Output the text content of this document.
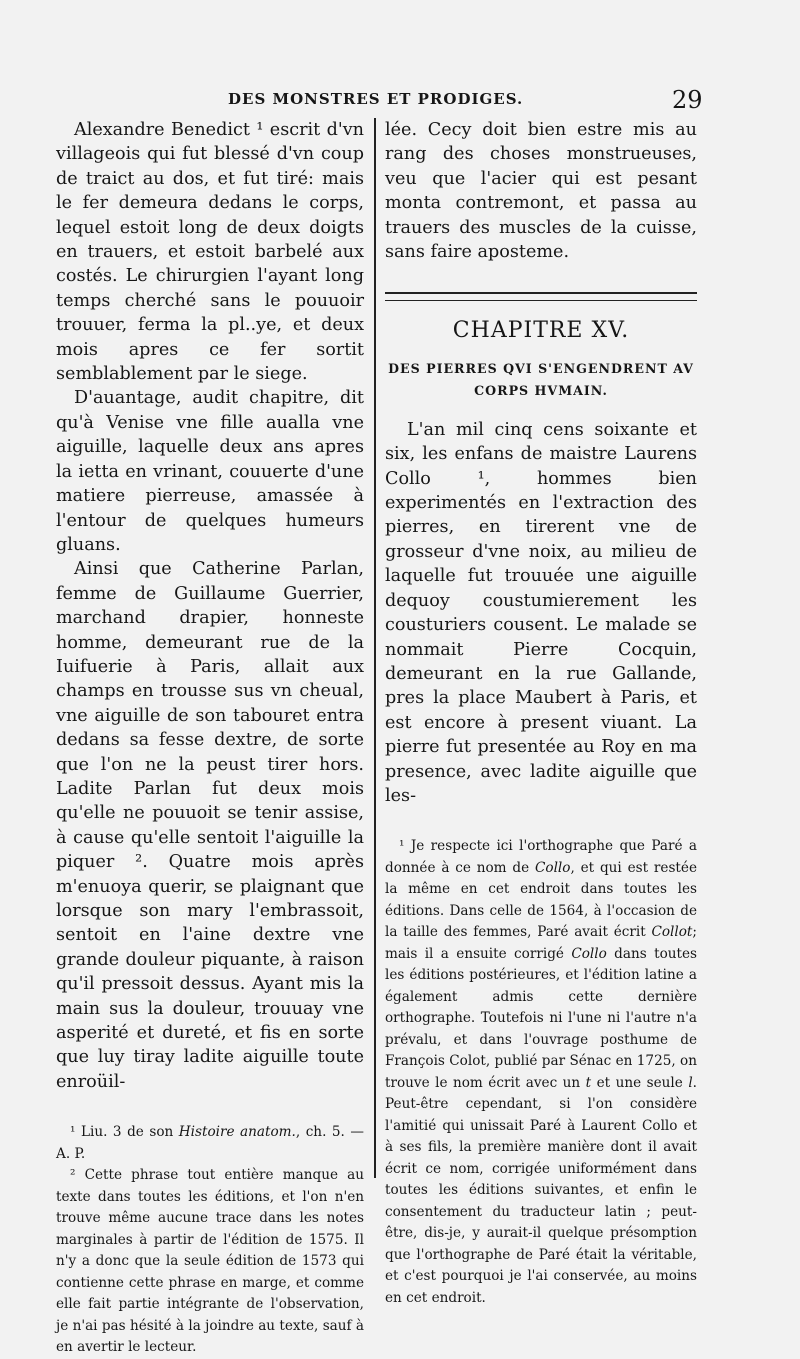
DES MONSTRES ET PRODIGES.	29

Alexandre Benedict ¹ escrit d'vn villageois qui fut blessé d'vn coup de traict au dos, et fut tiré: mais le fer demeura dedans le corps, lequel estoit long de deux doigts en trauers, et estoit barbelé aux costés. Le chirurgien l'ayant long temps cherché sans le pouuoir trouuer, ferma la pl..ye, et deux mois apres ce fer sortit semblablement par le siege.

D'auantage, audit chapitre, dit qu'à Venise vne fille aualla vne aiguille, laquelle deux ans apres la ietta en vrinant, couuerte d'une matiere pierreuse, amassée à l'entour de quelques humeurs gluans.

Ainsi que Catherine Parlan, femme de Guillaume Guerrier, marchand drapier, honneste homme, demeurant rue de la Iuifuerie à Paris, allait aux champs en trousse sus vn cheual, vne aiguille de son tabouret entra dedans sa fesse dextre, de sorte que l'on ne la peust tirer hors. Ladite Parlan fut deux mois qu'elle ne pouuoit se tenir assise, à cause qu'elle sentoit l'aiguille la piquer ². Quatre mois après m'enuoya querir, se plaignant que lorsque son mary l'embrassoit, sentoit en l'aine dextre vne grande douleur piquante, à raison qu'il pressoit dessus. Ayant mis la main sus la douleur, trouuay vne asperité et dureté, et fis en sorte que luy tiray ladite aiguille toute enroüil-

¹ Liu. 3 de son Histoire anatom., ch. 5. — A. P.

² Cette phrase tout entière manque au texte dans toutes les éditions, et l'on n'en trouve même aucune trace dans les notes marginales à partir de l'édition de 1575. Il n'y a donc que la seule édition de 1573 qui contienne cette phrase en marge, et comme elle fait partie intégrante de l'observation, je n'ai pas hésité à la joindre au texte, sauf à en avertir le lecteur.

lée. Cecy doit bien estre mis au rang des choses monstrueuses, veu que l'acier qui est pesant monta contremont, et passa au trauers des muscles de la cuisse, sans faire aposteme.

CHAPITRE XV.
DES PIERRES QVI S'ENGENDRENT AV
CORPS HVMAIN.

L'an mil cinq cens soixante et six, les enfans de maistre Laurens Collo ¹, hommes bien experimentés en l'extraction des pierres, en tirerent vne de grosseur d'vne noix, au milieu de laquelle fut trouuée une aiguille dequoy coustumierement les cousturiers cousent. Le malade se nommait Pierre Cocquin, demeurant en la rue Gallande, pres la place Maubert à Paris, et est encore à present viuant. La pierre fut presentée au Roy en ma presence, avec ladite aiguille que les-

¹ Je respecte ici l'orthographe que Paré a donnée à ce nom de Collo, et qui est restée la même en cet endroit dans toutes les éditions. Dans celle de 1564, à l'occasion de la taille des femmes, Paré avait écrit Collot; mais il a ensuite corrigé Collo dans toutes les éditions postérieures, et l'édition latine a également admis cette dernière orthographe. Toutefois ni l'une ni l'autre n'a prévalu, et dans l'ouvrage posthume de François Colot, publié par Sénac en 1725, on trouve le nom écrit avec un t et une seule l. Peut-être cependant, si l'on considère l'amitié qui unissait Paré à Laurent Collo et à ses fils, la première manière dont il avait écrit ce nom, corrigée uniformément dans toutes les éditions suivantes, et enfin le consentement du traducteur latin ; peut-être, dis-je, y aurait-il quelque présomption que l'orthographe de Paré était la véritable, et c'est pourquoi je l'ai conservée, au moins en cet endroit.
